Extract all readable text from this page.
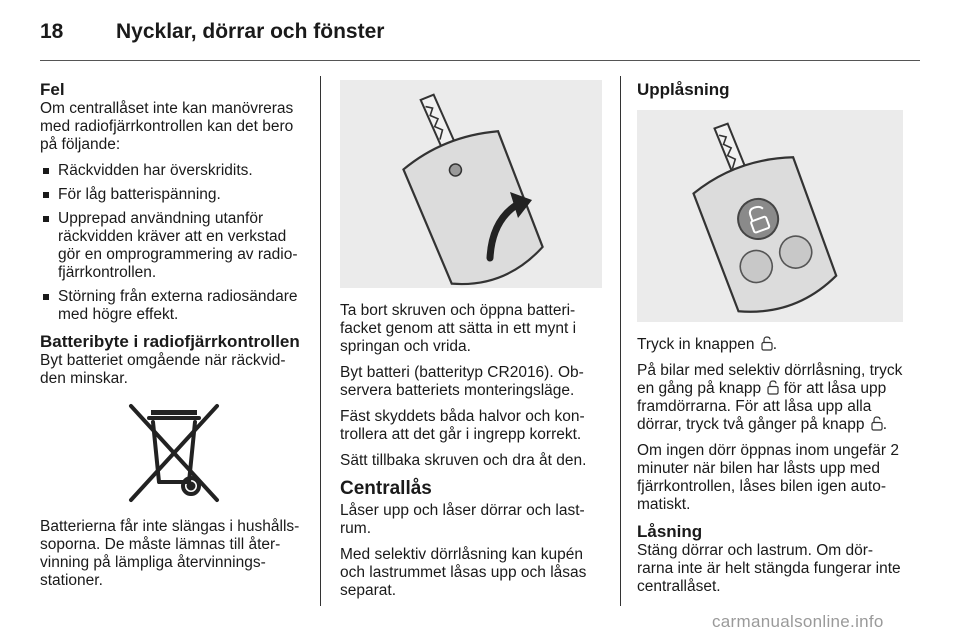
18	Nycklar, dörrar och fönster
Fel

Om centrallåset inte kan manövreras med radiofjärrkontrollen kan det bero på följande:

Räckvidden har överskridits.
För låg batterispänning.
Upprepad användning utanför räckvidden kräver att en verkstad gör en omprogrammering av radio-fjärrkontrollen.
Störning från externa radiosändare med högre effekt.
Batteribyte i radiofjärrkontrollen

Byt batteriet omgående när räckvid-den minskar.

Batterierna får inte slängas i hushålls-soporna. De måste lämnas till åter-vinning på lämpliga återvinnings-stationer.

Ta bort skruven och öppna batteri-facket genom att sätta in ett mynt i springan och vrida.

Byt batteri (batterityp CR2016). Ob-servera batteriets monteringsläge.

Fäst skyddets båda halvor och kon-trollera att det går i ingrepp korrekt.

Sätt tillbaka skruven och dra åt den.

Centrallås

Låser upp och låser dörrar och last-rum.

Med selektiv dörrlåsning kan kupén och lastrummet låsas upp och låsas separat.

Upplåsning

Tryck in knappen .

På bilar med selektiv dörrlåsning, tryck en gång på knapp för att låsa upp framdörrarna. För att låsa upp alla dörrar, tryck två gånger på knapp .

Om ingen dörr öppnas inom ungefär 2 minuter när bilen har låsts upp med fjärrkontrollen, låses bilen igen auto-matiskt.

Låsning

Stäng dörrar och lastrum. Om dör-rarna inte är helt stängda fungerar inte centrallåset.

carmanualsonline.info
